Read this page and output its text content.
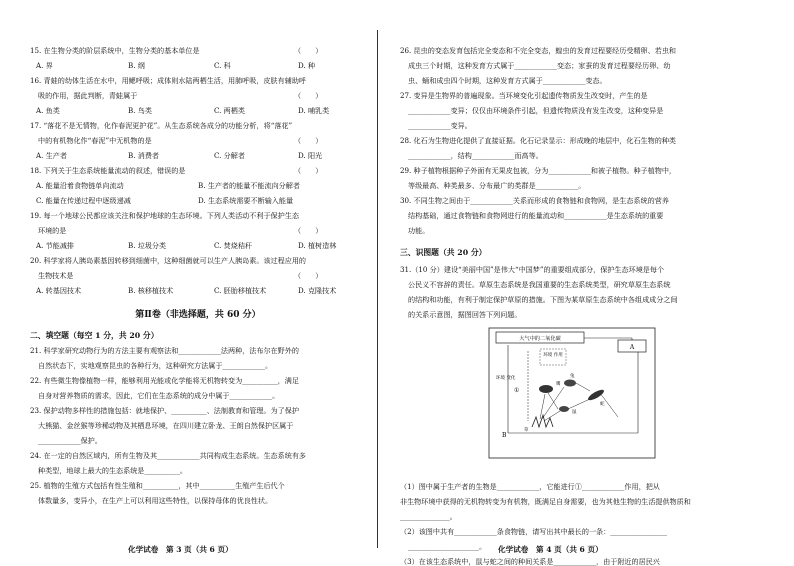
15. 在生物分类的阶层系统中，生物分类的基本单位是	（　　）
A. 界	B. 纲	C. 科	D. 种
16. 青蛙的幼体生活在水中，用鳃呼吸；成体则水陆两栖生活，用肺呼吸，皮肤有辅助呼
吸的作用，据此判断，青蛙属于	（　　）
A. 鱼类	B. 鸟类	C. 两栖类	D. 哺乳类
17. “落花不是无情物，化作春泥更护花”。从生态系统各成分的功能分析，将“落花”
中的有机物化作“春泥”中无机物的是	（　　）
A. 生产者	B. 消费者	C. 分解者	D. 阳光
18. 下列关于生态系统能量流动的叙述，错误的是	（　　）
A. 能量沿着食物链单向流动	B. 生产者的能量不能流向分解者
C. 能量在传递过程中逐级递减	D. 生态系统需要不断输入能量
19. 每一个地球公民都应该关注和保护地球的生态环境。下列人类活动不利于保护生态
环境的是	（　　）
A. 节能减排	B. 垃圾分类	C. 焚烧秸秆	D. 植树造林
20. 科学家将人胰岛素基因转移到细菌中，这种细菌就可以生产人胰岛素。该过程应用的
生物技术是	（　　）
A. 转基因技术	B. 核移植技术	C. 胚胎移植技术	D. 克隆技术
第Ⅱ卷（非选择题，共 60 分）
二、填空题（每空 1 分，共 20 分）
21. 科学家研究动物行为的方法主要有观察法和____________法两种，法布尔在野外的
自然状态下，实地观察昆虫的各种行为，这种研究方法属于____________。
22. 有些微生物像植物一样，能够利用光能或化学能将无机物转变为__________，满足
自身对营养物质的需求，因此，它们在生态系统的成分中属于____________。
23. 保护动物多样性的措施包括：就地保护、__________、法制教育和管理。为了保护
大熊猫、金丝猴等珍稀动物及其栖息环境，在四川建立卧龙、王朗自然保护区属于
____________保护。
24. 在一定的自然区域内，所有生物及其____________共同构成生态系统。生态系统有多
种类型，地球上最大的生态系统是__________。
25. 植物的生殖方式包括有性生殖和__________，其中__________生殖产生后代个
体数量多，变异小，在生产上可以利用这些特性，以保持母体的优良性状。
化学试卷　第 3 页（共 6 页）
26. 昆虫的变态发育包括完全变态和不完全变态，蝗虫的发育过程要经历受精卵、若虫和
成虫三个时期，这种发育方式属于____________变态；家蚕的发育过程要经历卵、幼
虫、蛹和成虫四个时期，这种发育方式属于____________变态。
27. 变异是生物界的普遍现象。当环境变化引起遗传物质发生改变时，产生的是
____________变异；仅仅由环境条件引起，但遗传物质没有发生改变，这种变异是
____________变异。
28. 化石为生物进化提供了直接证据。化石记录显示：形成晚的地层中，化石生物的种类
____________，结构____________而高等。
29. 种子植物根据种子外面有无果皮包被，分为____________和被子植物。种子植物中，
等级最高、种类最多、分布最广的类群是____________。
30. 不同生物之间由于____________关系而形成的食物链和食物网，是生态系统的营养
结构基础，通过食物链和食物网进行的能量流动和____________是生态系统的重要
功能。
三、识图题（共 20 分）
31.（10 分）建设“美丽中国”是伟大“中国梦”的重要组成部分，保护生态环境是每个
公民义不容辞的责任。草原生态系统是我国重要的生态系统类型，研究草原生态系统
的结构和功能，有利于制定保护草原的措施。下图为某草原生态系统中各组成成分之间
的关系示意图，据图回答下列问题。
大气中的二氧化碳
A
环境 作用
环境 变化
①
B
鹰
兔
蛇
鼠
草
（1）图中属于生产者的生物是____________，它能进行①____________作用，把从
非生物环境中获得的无机物转变为有机物，既满足自身需要，也为其他生物的生活提供物质和
______________。
（2）该图中共有____________条食物链，请写出其中最长的一条：________________
____________________。
（3）在该生态系统中，鼠与蛇之间的种间关系是____________，由于附近的居民兴
化学试卷　第 4 页（共 6 页）
